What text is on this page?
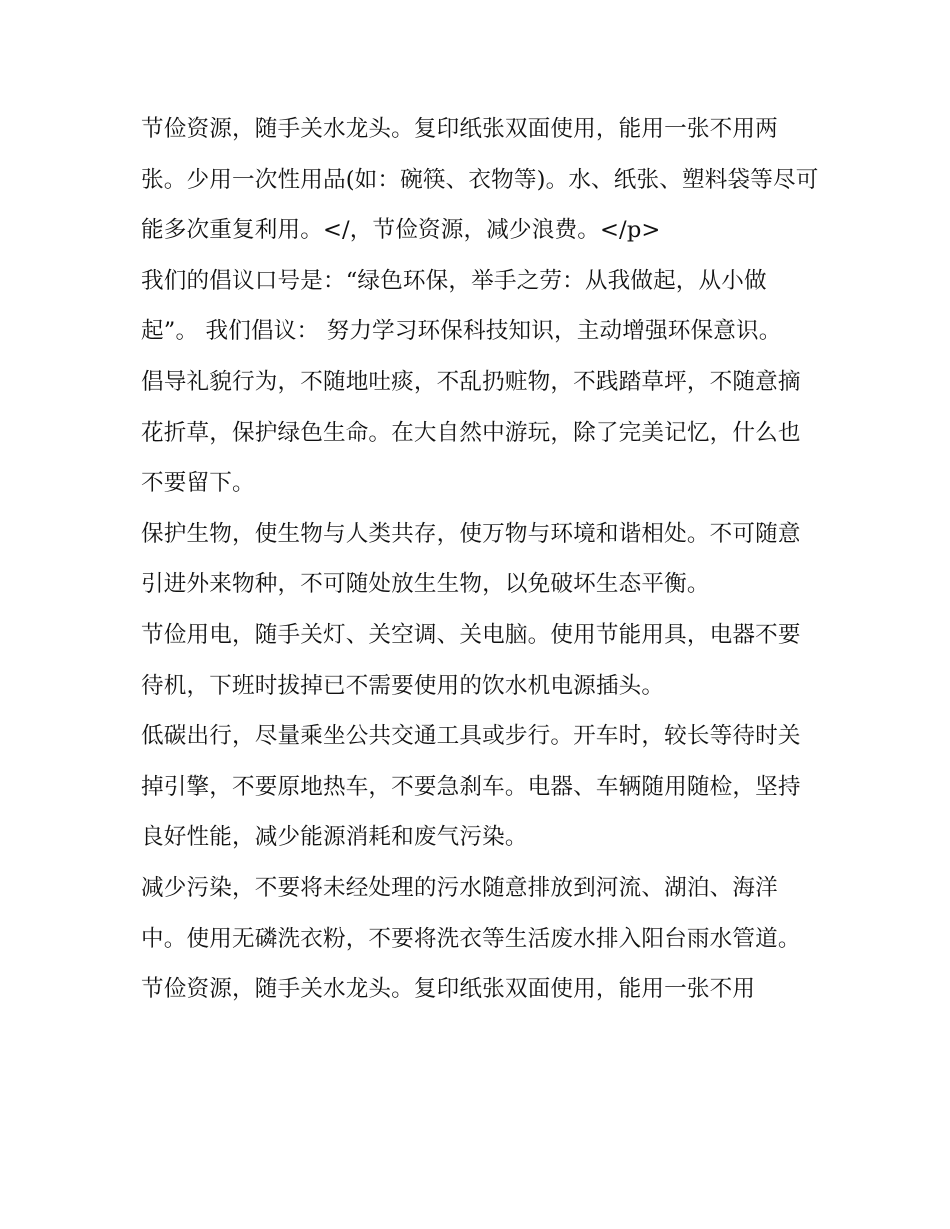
节俭资源，随手关水龙头。复印纸张双面使用，能用一张不用两张。少用一次性用品(如：碗筷、衣物等)。水、纸张、塑料袋等尽可能多次重复利用。</，节俭资源，减少浪费。</p>

我们的倡议口号是：“绿色环保，举手之劳：从我做起，从小做起”。 我们倡议： 努力学习环保科技知识，主动增强环保意识。

倡导礼貌行为，不随地吐痰，不乱扔赃物，不践踏草坪，不随意摘花折草，保护绿色生命。在大自然中游玩，除了完美记忆，什么也不要留下。

保护生物，使生物与人类共存，使万物与环境和谐相处。不可随意引进外来物种，不可随处放生生物，以免破坏生态平衡。

节俭用电，随手关灯、关空调、关电脑。使用节能用具，电器不要待机，下班时拔掉已不需要使用的饮水机电源插头。

低碳出行，尽量乘坐公共交通工具或步行。开车时，较长等待时关掉引擎，不要原地热车，不要急刹车。电器、车辆随用随检，坚持良好性能，减少能源消耗和废气污染。

减少污染，不要将未经处理的污水随意排放到河流、湖泊、海洋中。使用无磷洗衣粉，不要将洗衣等生活废水排入阳台雨水管道。

节俭资源，随手关水龙头。复印纸张双面使用，能用一张不用
